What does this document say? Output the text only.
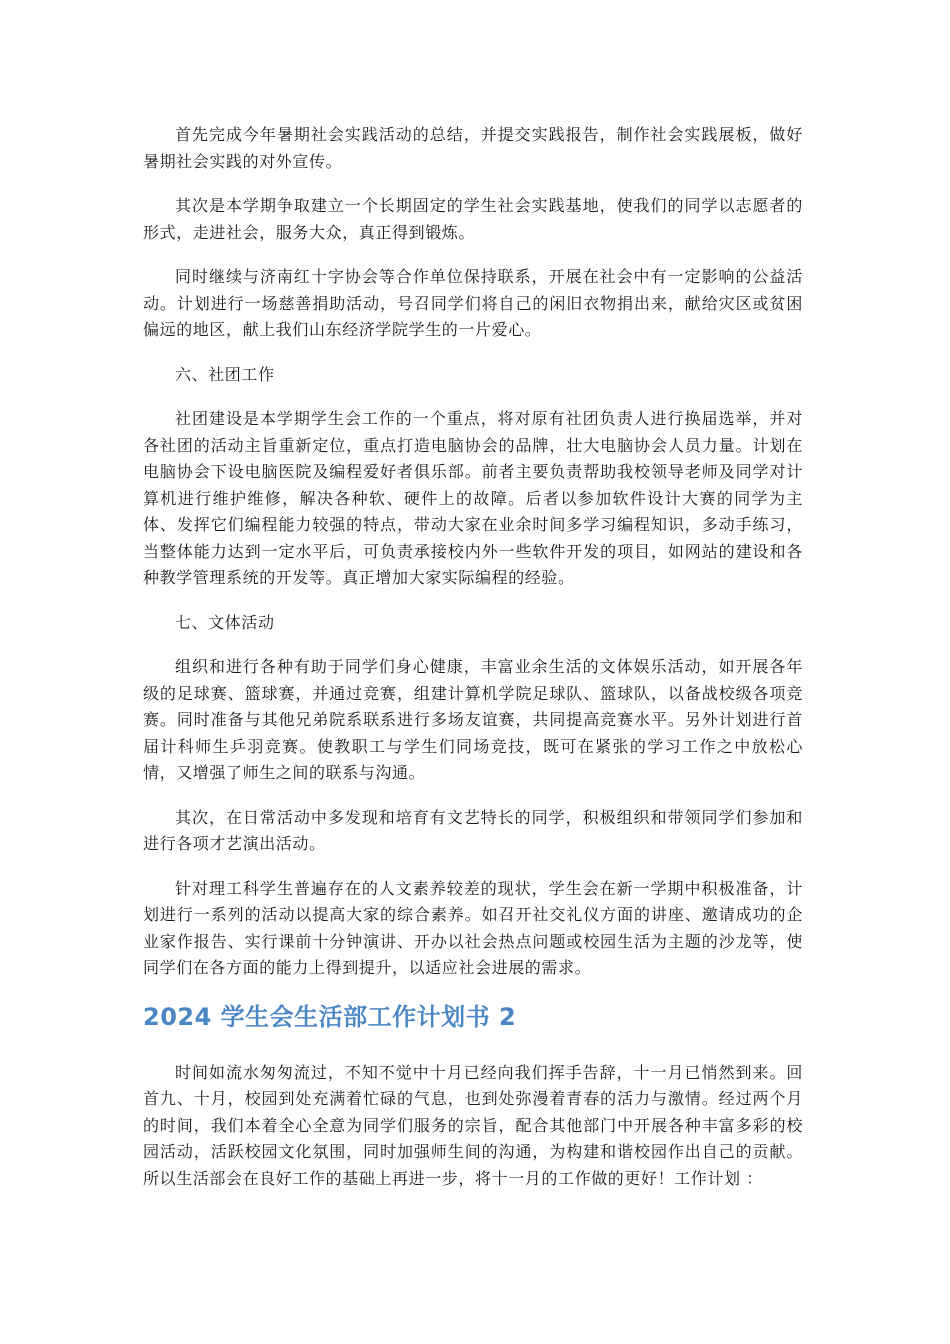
首先完成今年暑期社会实践活动的总结，并提交实践报告，制作社会实践展板，做好暑期社会实践的对外宣传。

其次是本学期争取建立一个长期固定的学生社会实践基地，使我们的同学以志愿者的形式，走进社会，服务大众，真正得到锻炼。

同时继续与济南红十字协会等合作单位保持联系，开展在社会中有一定影响的公益活动。计划进行一场慈善捐助活动，号召同学们将自己的闲旧衣物捐出来，献给灾区或贫困偏远的地区，献上我们山东经济学院学生的一片爱心。

六、社团工作

社团建设是本学期学生会工作的一个重点，将对原有社团负责人进行换届选举，并对各社团的活动主旨重新定位，重点打造电脑协会的品牌，壮大电脑协会人员力量。计划在电脑协会下设电脑医院及编程爱好者俱乐部。前者主要负责帮助我校领导老师及同学对计算机进行维护维修，解决各种软、硬件上的故障。后者以参加软件设计大赛的同学为主体、发挥它们编程能力较强的特点，带动大家在业余时间多学习编程知识，多动手练习，当整体能力达到一定水平后，可负责承接校内外一些软件开发的项目，如网站的建设和各种教学管理系统的开发等。真正增加大家实际编程的经验。

七、文体活动

组织和进行各种有助于同学们身心健康，丰富业余生活的文体娱乐活动，如开展各年级的足球赛、篮球赛，并通过竞赛，组建计算机学院足球队、篮球队，以备战校级各项竞赛。同时准备与其他兄弟院系联系进行多场友谊赛，共同提高竞赛水平。另外计划进行首届计科师生乒羽竞赛。使教职工与学生们同场竞技，既可在紧张的学习工作之中放松心情，又增强了师生之间的联系与沟通。

其次，在日常活动中多发现和培育有文艺特长的同学，积极组织和带领同学们参加和进行各项才艺演出活动。

针对理工科学生普遍存在的人文素养较差的现状，学生会在新一学期中积极准备，计划进行一系列的活动以提高大家的综合素养。如召开社交礼仪方面的讲座、邀请成功的企业家作报告、实行课前十分钟演讲、开办以社会热点问题或校园生活为主题的沙龙等，使同学们在各方面的能力上得到提升，以适应社会进展的需求。

2024 学生会生活部工作计划书 2

时间如流水匆匆流过，不知不觉中十月已经向我们挥手告辞，十一月已悄然到来。回首九、十月，校园到处充满着忙碌的气息，也到处弥漫着青春的活力与激情。经过两个月的时间，我们本着全心全意为同学们服务的宗旨，配合其他部门中开展各种丰富多彩的校园活动，活跃校园文化氛围，同时加强师生间的沟通，为构建和谐校园作出自己的贡献。所以生活部会在良好工作的基础上再进一步，将十一月的工作做的更好！工作计划 ：
